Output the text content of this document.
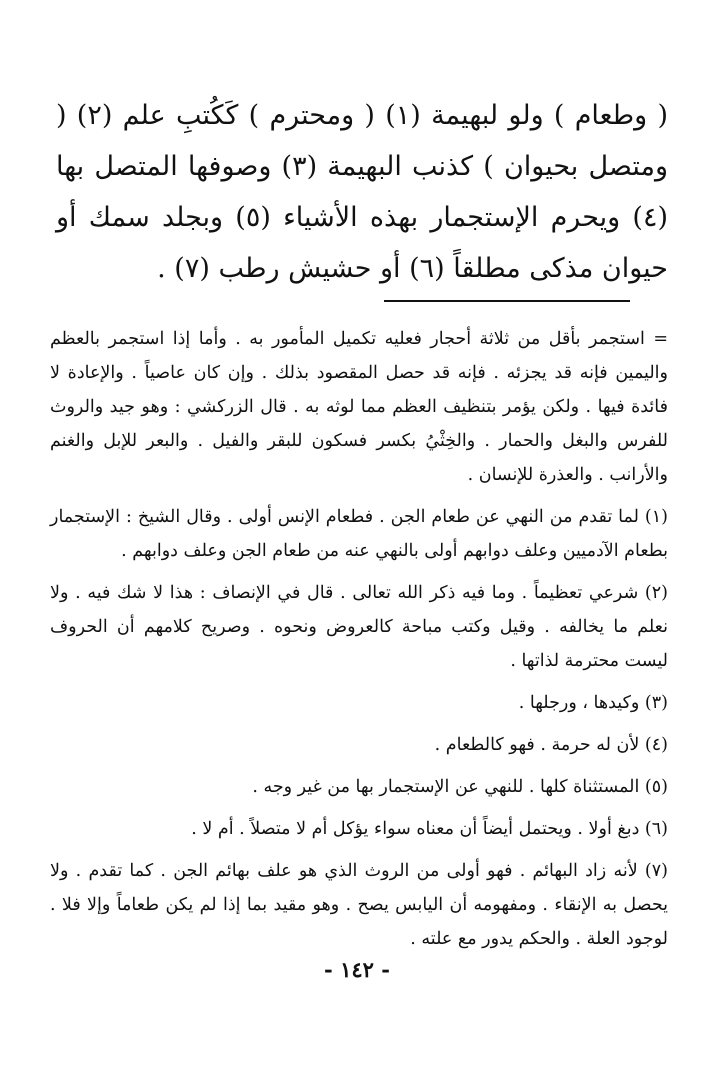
( وطعام ) ولو لبهيمة (١) ( ومحترم ) كَكُتبِ علم (٢) ( ومتصل بحيوان ) كذنب البهيمة (٣) وصوفها المتصل بها (٤) ويحرم الإستجمار بهذه الأشياء (٥) وبجلد سمك أو حيوان مذكى مطلقاً (٦) أو حشيش رطب (٧) .

= استجمر بأقل من ثلاثة أحجار فعليه تكميل المأمور به . وأما إذا استجمر بالعظم واليمين فإنه قد يجزئه . فإنه قد حصل المقصود بذلك . وإن كان عاصياً . والإعادة لا فائدة فيها . ولكن يؤمر بتنظيف العظم مما لوثه به . قال الزركشي : وهو جيد والروث للفرس والبغل والحمار . والخِثْيُ بكسر فسكون للبقر والفيل . والبعر للإبل والغنم والأرانب . والعذرة للإنسان .

(١) لما تقدم من النهي عن طعام الجن . فطعام الإنس أولى . وقال الشيخ : الإستجمار بطعام الآدميين وعلف دوابهم أولى بالنهي عنه من طعام الجن وعلف دوابهم .

(٢) شرعي تعظيماً . وما فيه ذكر الله تعالى . قال في الإنصاف : هذا لا شك فيه . ولا نعلم ما يخالفه . وقيل وكتب مباحة كالعروض ونحوه . وصريح كلامهم أن الحروف ليست محترمة لذاتها .

(٣) وكيدها ، ورجلها .

(٤) لأن له حرمة . فهو كالطعام .

(٥) المستثناة كلها . للنهي عن الإستجمار بها من غير وجه .

(٦) دبغ أولا . ويحتمل أيضاً أن معناه سواء يؤكل أم لا متصلاً . أم لا .

(٧) لأنه زاد البهائم . فهو أولى من الروث الذي هو علف بهائم الجن . كما تقدم . ولا يحصل به الإنقاء . ومفهومه أن اليابس يصح . وهو مقيد بما إذا لم يكن طعاماً وإلا فلا . لوجود العلة . والحكم يدور مع علته .

- ١٤٢ -
